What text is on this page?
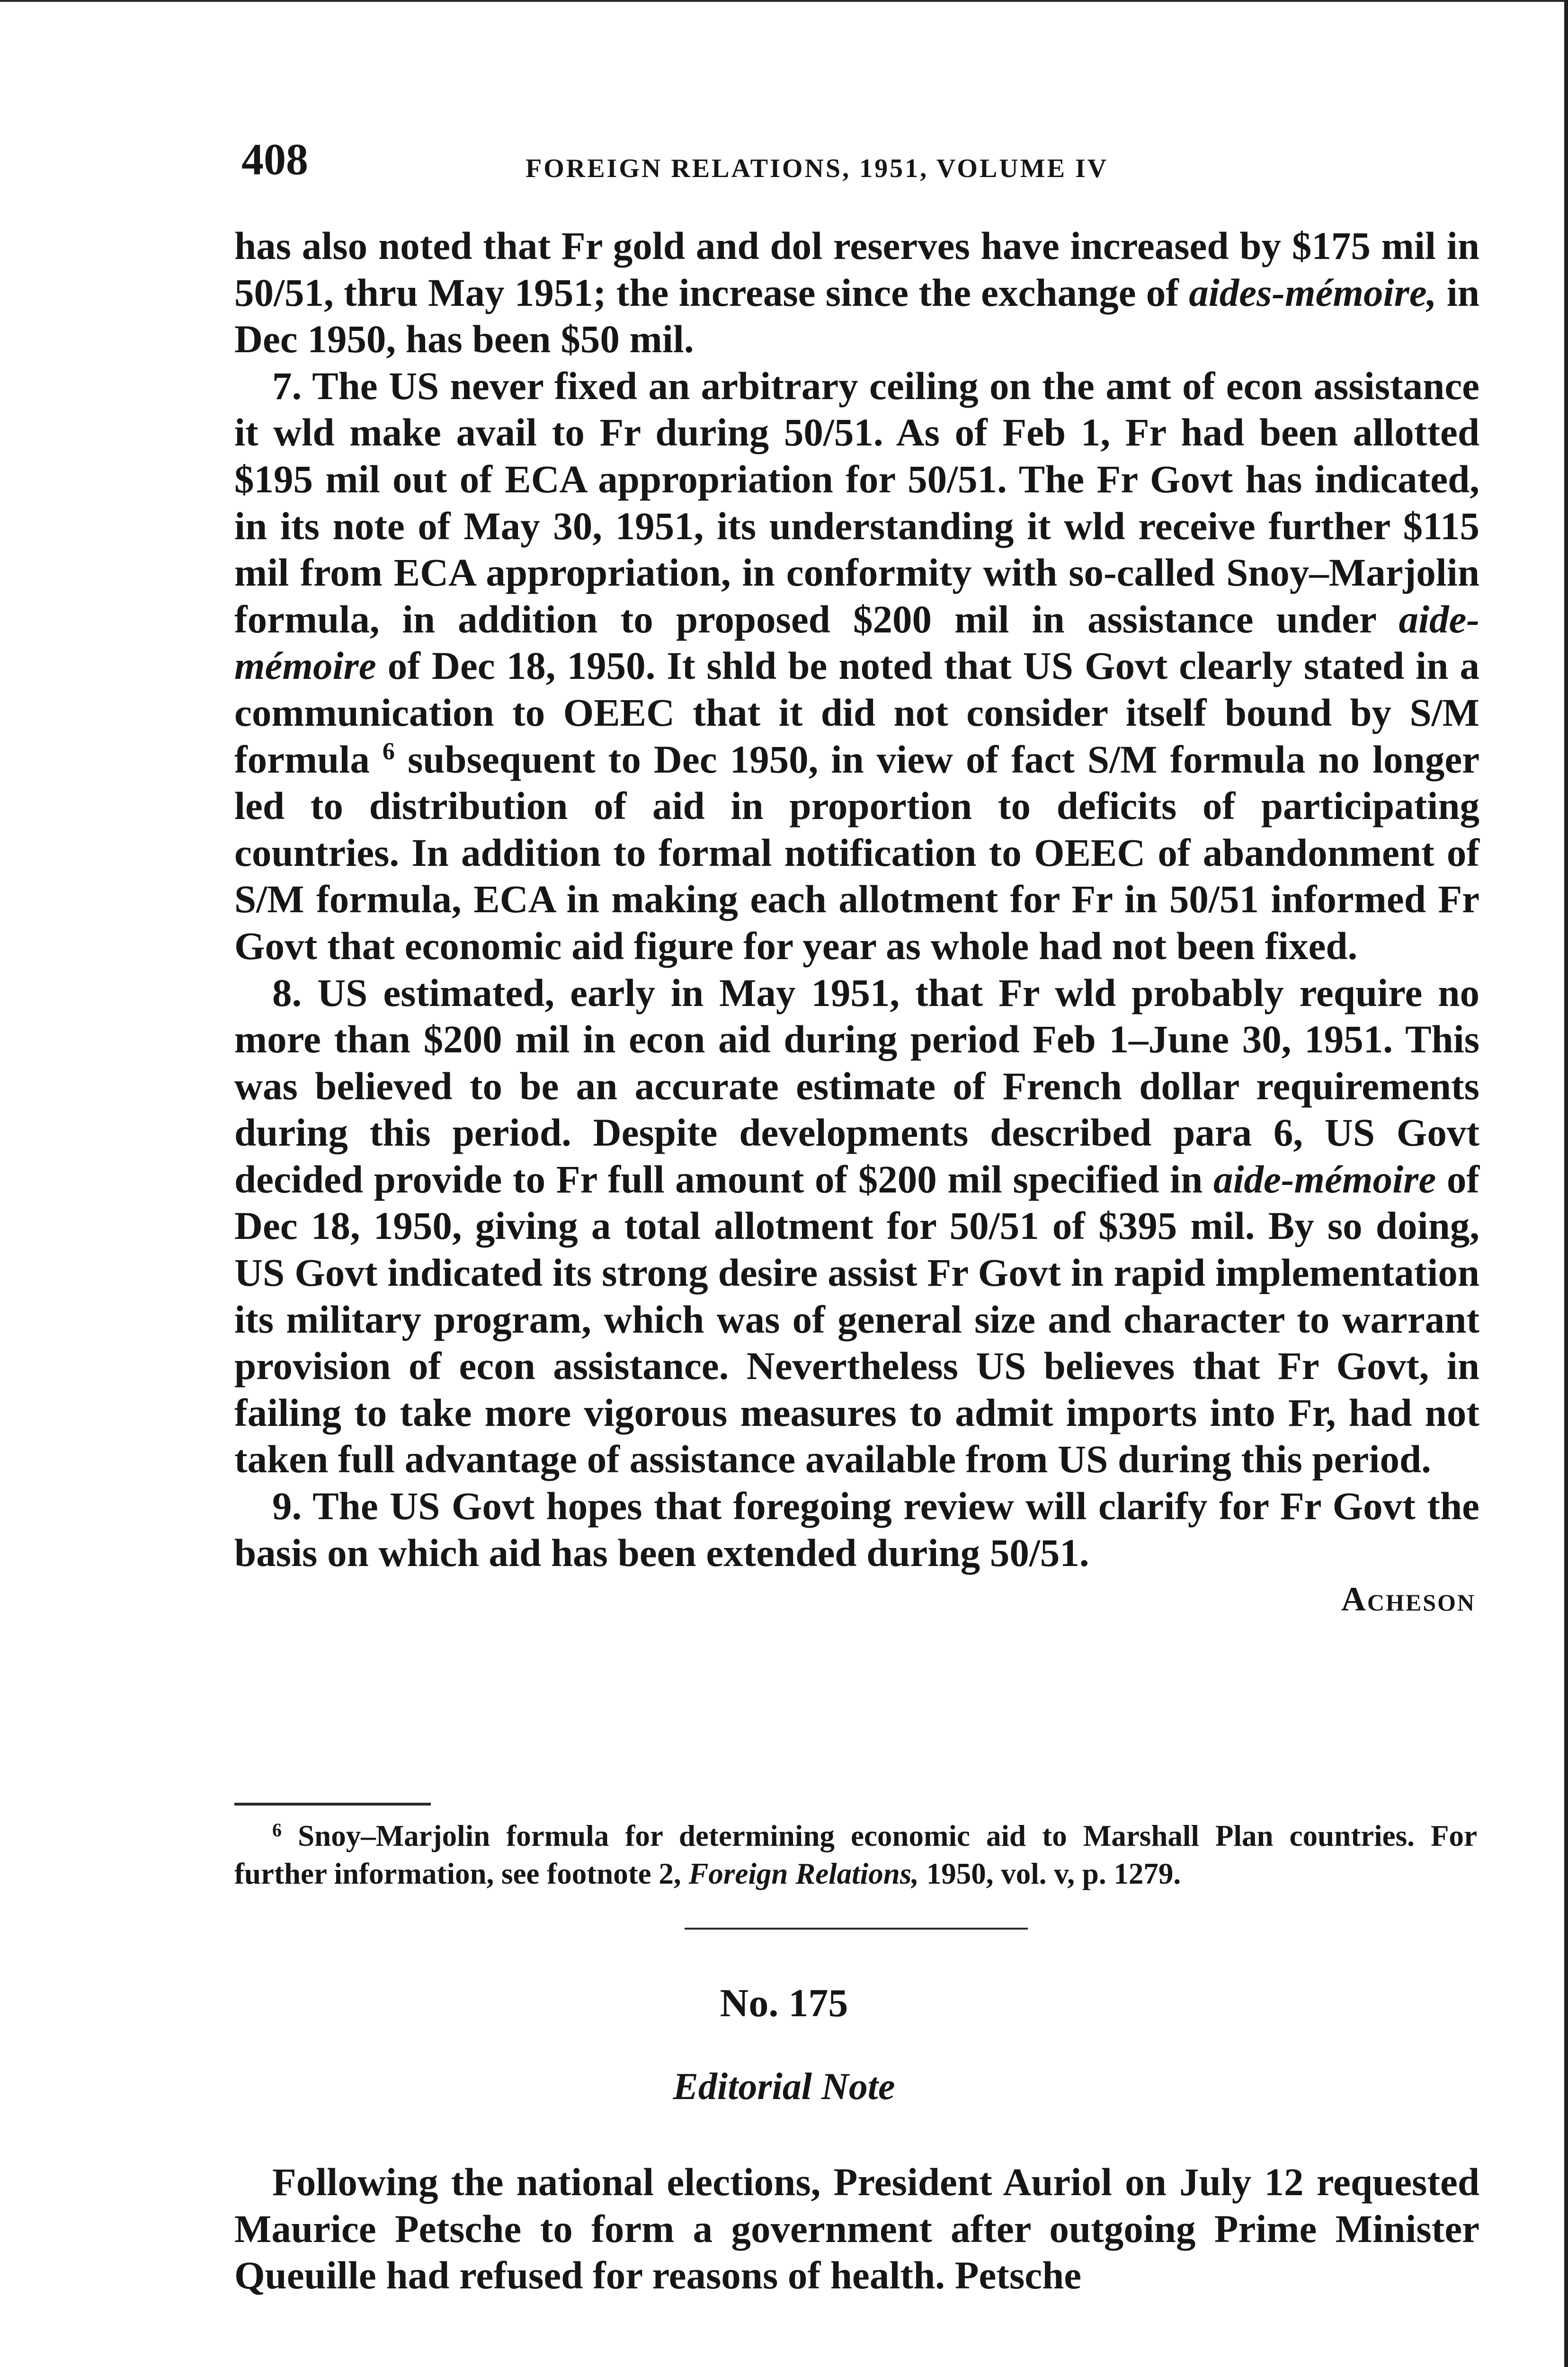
408	FOREIGN RELATIONS, 1951, VOLUME IV

has also noted that Fr gold and dol reserves have increased by $175 mil in 50/51, thru May 1951; the increase since the exchange of aides-mémoire, in Dec 1950, has been $50 mil.

7. The US never fixed an arbitrary ceiling on the amt of econ assistance it wld make avail to Fr during 50/51. As of Feb 1, Fr had been allotted $195 mil out of ECA appropriation for 50/51. The Fr Govt has indicated, in its note of May 30, 1951, its understanding it wld receive further $115 mil from ECA appropriation, in conformity with so-called Snoy–Marjolin formula, in addition to proposed $200 mil in assistance under aide-mémoire of Dec 18, 1950. It shld be noted that US Govt clearly stated in a communication to OEEC that it did not consider itself bound by S/M formula $^6$ subsequent to Dec 1950, in view of fact S/M formula no longer led to distribution of aid in proportion to deficits of participating countries. In addition to formal notification to OEEC of abandonment of S/M formula, ECA in making each allotment for Fr in 50/51 informed Fr Govt that economic aid figure for year as whole had not been fixed.

8. US estimated, early in May 1951, that Fr wld probably require no more than $200 mil in econ aid during period Feb 1–June 30, 1951. This was believed to be an accurate estimate of French dollar requirements during this period. Despite developments described para 6, US Govt decided provide to Fr full amount of $200 mil specified in aide-mémoire of Dec 18, 1950, giving a total allotment for 50/51 of $395 mil. By so doing, US Govt indicated its strong desire assist Fr Govt in rapid implementation its military program, which was of general size and character to warrant provision of econ assistance. Nevertheless US believes that Fr Govt, in failing to take more vigorous measures to admit imports into Fr, had not taken full advantage of assistance available from US during this period.

9. The US Govt hopes that foregoing review will clarify for Fr Govt the basis on which aid has been extended during 50/51.

Acheson

$^6$ Snoy–Marjolin formula for determining economic aid to Marshall Plan countries. For further information, see footnote 2, Foreign Relations, 1950, vol. v, p. 1279.

No. 175
Editorial Note

Following the national elections, President Auriol on July 12 requested Maurice Petsche to form a government after outgoing Prime Minister Queuille had refused for reasons of health. Petsche
